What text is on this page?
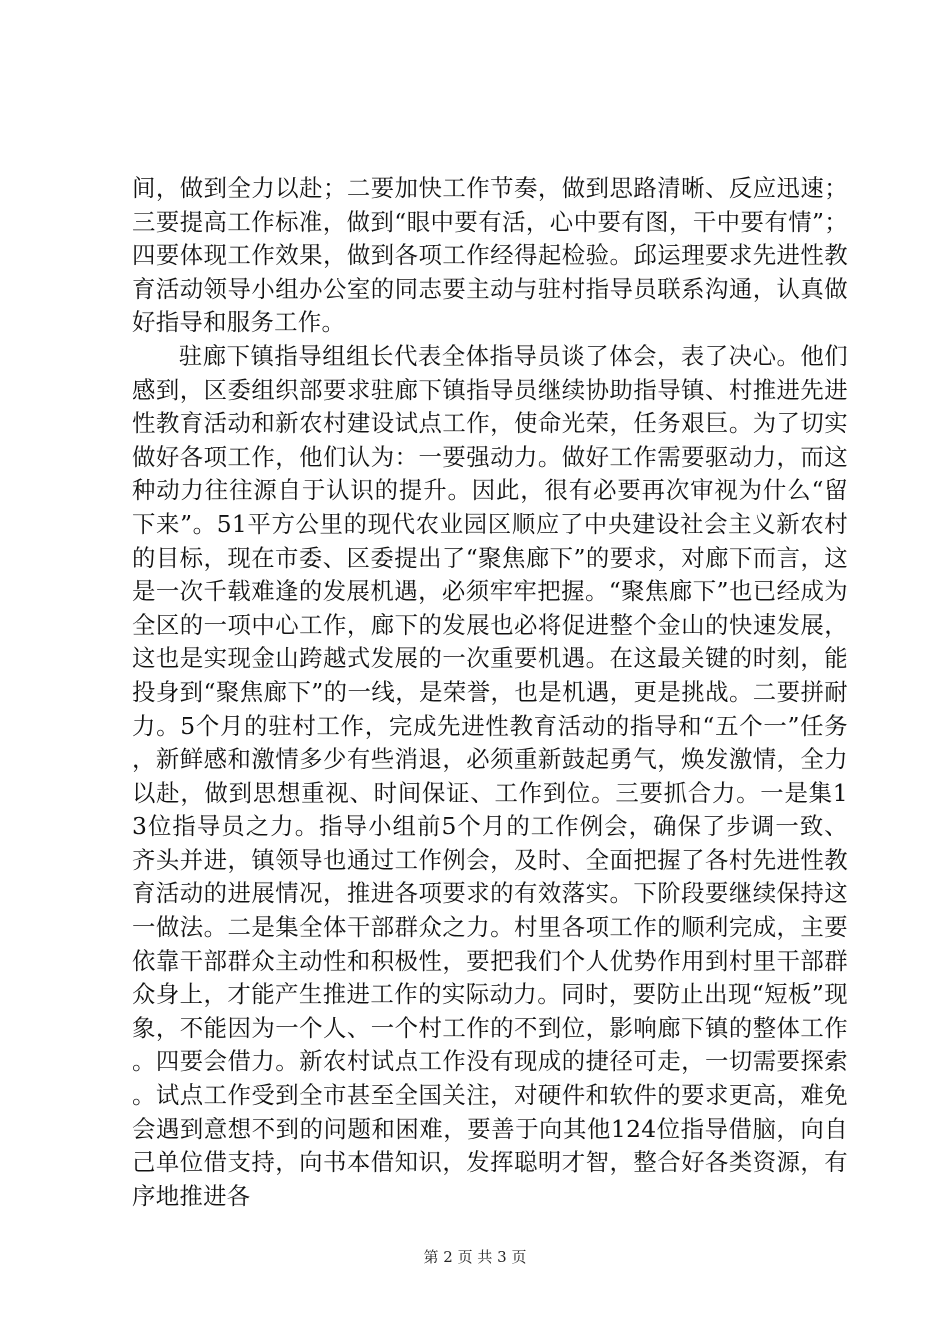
间，做到全力以赴；二要加快工作节奏，做到思路清晰、反应迅速；三要提高工作标准，做到“眼中要有活，心中要有图，干中要有情”；四要体现工作效果，做到各项工作经得起检验。邱运理要求先进性教育活动领导小组办公室的同志要主动与驻村指导员联系沟通，认真做好指导和服务工作。

驻廊下镇指导组组长代表全体指导员谈了体会，表了决心。他们感到，区委组织部要求驻廊下镇指导员继续协助指导镇、村推进先进性教育活动和新农村建设试点工作，使命光荣，任务艰巨。为了切实做好各项工作，他们认为：一要强动力。做好工作需要驱动力，而这种动力往往源自于认识的提升。因此，很有必要再次审视为什么“留下来”。51平方公里的现代农业园区顺应了中央建设社会主义新农村的目标，现在市委、区委提出了“聚焦廊下”的要求，对廊下而言，这是一次千载难逢的发展机遇，必须牢牢把握。“聚焦廊下”也已经成为全区的一项中心工作，廊下的发展也必将促进整个金山的快速发展，这也是实现金山跨越式发展的一次重要机遇。在这最关键的时刻，能投身到“聚焦廊下”的一线，是荣誉，也是机遇，更是挑战。二要拼耐力。5个月的驻村工作，完成先进性教育活动的指导和“五个一”任务，新鲜感和激情多少有些消退，必须重新鼓起勇气，焕发激情，全力以赴，做到思想重视、时间保证、工作到位。三要抓合力。一是集13位指导员之力。指导小组前5个月的工作例会，确保了步调一致、齐头并进，镇领导也通过工作例会，及时、全面把握了各村先进性教育活动的进展情况，推进各项要求的有效落实。下阶段要继续保持这一做法。二是集全体干部群众之力。村里各项工作的顺利完成，主要依靠干部群众主动性和积极性，要把我们个人优势作用到村里干部群众身上，才能产生推进工作的实际动力。同时，要防止出现“短板”现象，不能因为一个人、一个村工作的不到位，影响廊下镇的整体工作。四要会借力。新农村试点工作没有现成的捷径可走，一切需要探索。试点工作受到全市甚至全国关注，对硬件和软件的要求更高，难免会遇到意想不到的问题和困难，要善于向其他124位指导借脑，向自己单位借支持，向书本借知识，发挥聪明才智，整合好各类资源，有序地推进各

第 2 页 共 3 页
